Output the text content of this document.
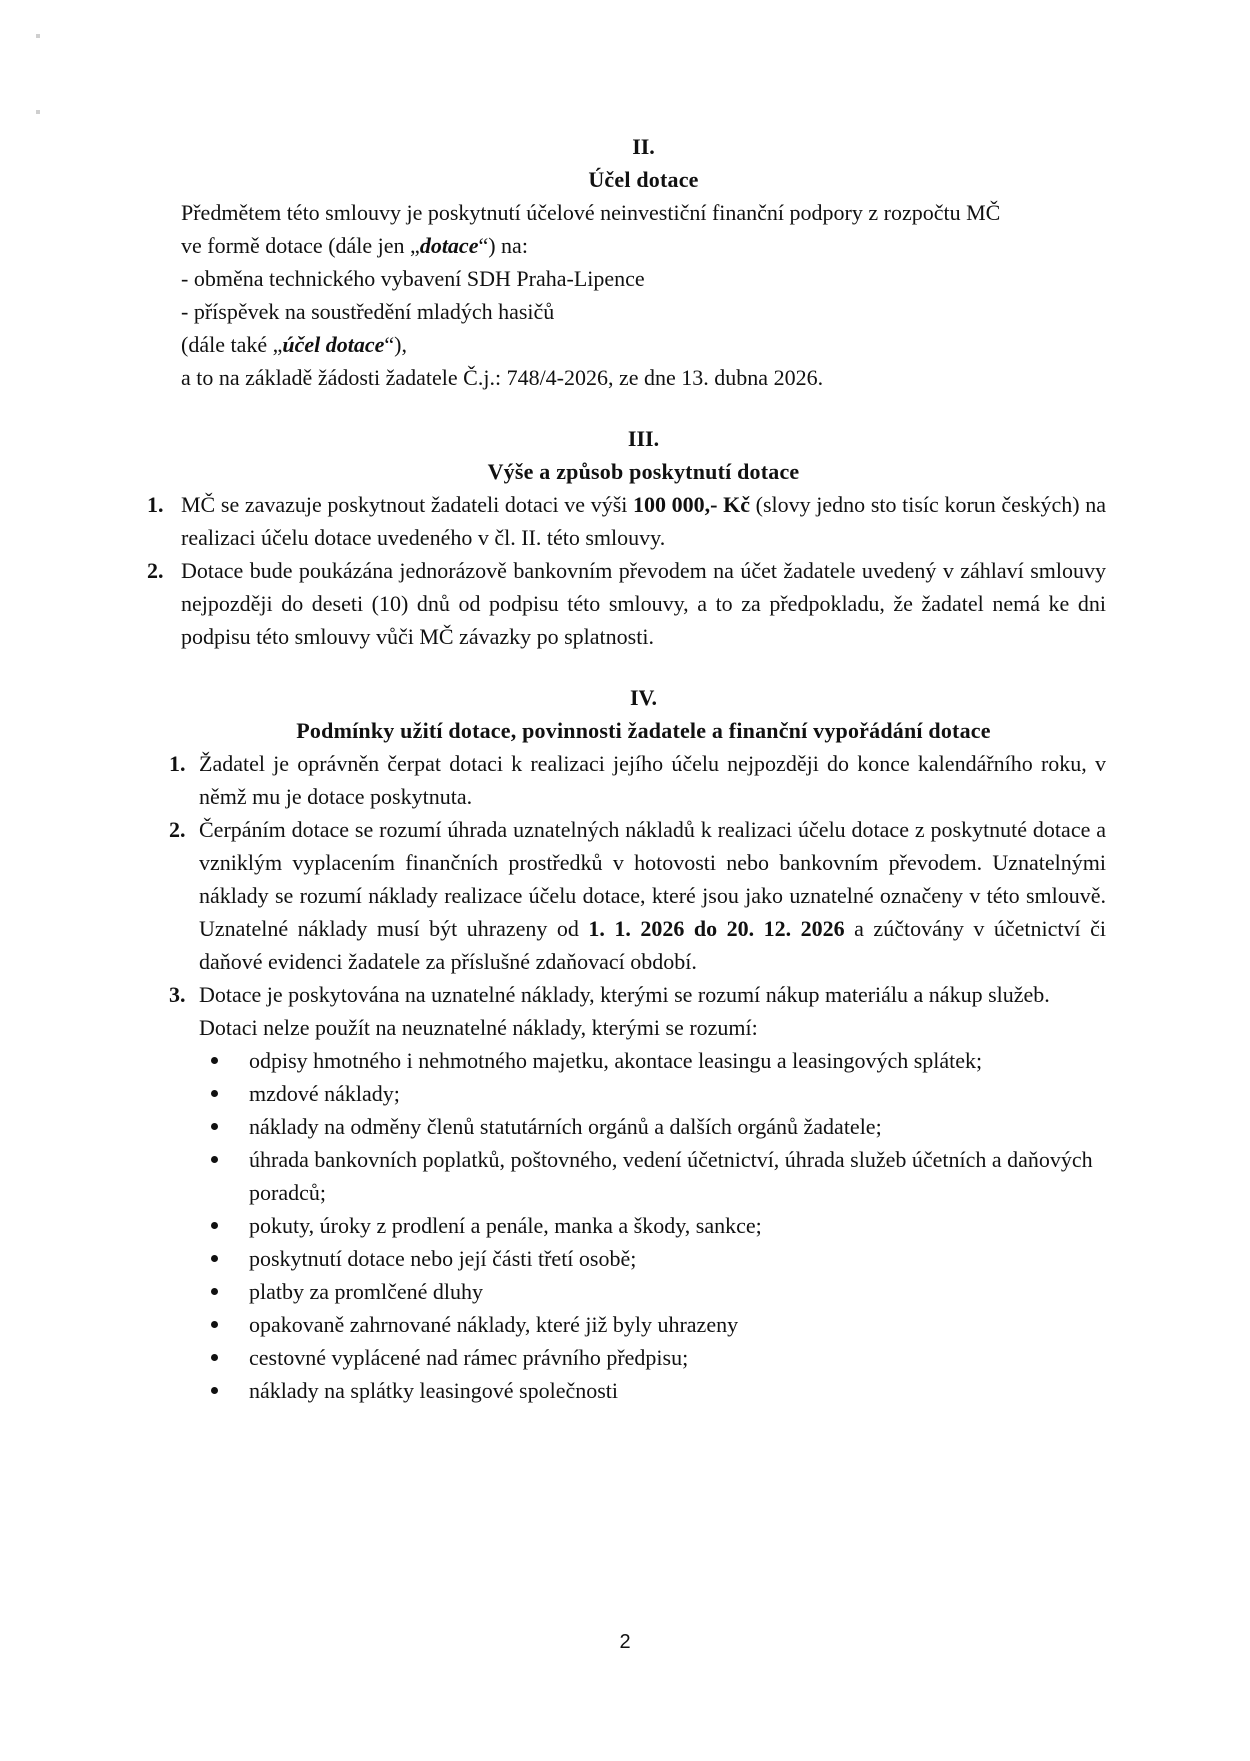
II.

Účel dotace

Předmětem této smlouvy je poskytnutí účelové neinvestiční finanční podpory z rozpočtu MČ

ve formě dotace (dále jen „dotace“) na:

- obměna technického vybavení SDH Praha-Lipence

- příspěvek na soustředění mladých hasičů

(dále také „účel dotace“),

a to na základě žádosti žadatele Č.j.: 748/4-2026, ze dne 13. dubna 2026.

III.

Výše a způsob poskytnutí dotace

1. MČ se zavazuje poskytnout žadateli dotaci ve výši 100 000,- Kč (slovy jedno sto tisíc korun českých) na realizaci účelu dotace uvedeného v čl. II. této smlouvy.
2. Dotace bude poukázána jednorázově bankovním převodem na účet žadatele uvedený v záhlaví smlouvy nejpozději do deseti (10) dnů od podpisu této smlouvy, a to za předpokladu, že žadatel nemá ke dni podpisu této smlouvy vůči MČ závazky po splatnosti.

IV.

Podmínky užití dotace, povinnosti žadatele a finanční vypořádání dotace

1. Žadatel je oprávněn čerpat dotaci k realizaci jejího účelu nejpozději do konce kalendářního roku, v němž mu je dotace poskytnuta.
2. Čerpáním dotace se rozumí úhrada uznatelných nákladů k realizaci účelu dotace z poskytnuté dotace a vzniklým vyplacením finančních prostředků v hotovosti nebo bankovním převodem. Uznatelnými náklady se rozumí náklady realizace účelu dotace, které jsou jako uznatelné označeny v této smlouvě. Uznatelné náklady musí být uhrazeny od 1. 1. 2026 do 20. 12. 2026 a zúčtovány v účetnictví či daňové evidenci žadatele za příslušné zdaňovací období.
3. Dotace je poskytována na uznatelné náklady, kterými se rozumí nákup materiálu a nákup služeb.

Dotaci nelze použít na neuznatelné náklady, kterými se rozumí:

odpisy hmotného i nehmotného majetku, akontace leasingu a leasingových splátek;
mzdové náklady;
náklady na odměny členů statutárních orgánů a dalších orgánů žadatele;
úhrada bankovních poplatků, poštovného, vedení účetnictví, úhrada služeb účetních a daňových poradců;
pokuty, úroky z prodlení a penále, manka a škody, sankce;
poskytnutí dotace nebo její části třetí osobě;
platby za promlčené dluhy
opakovaně zahrnované náklady, které již byly uhrazeny
cestovné vyplácené nad rámec právního předpisu;
náklady na splátky leasingové společnosti
2
